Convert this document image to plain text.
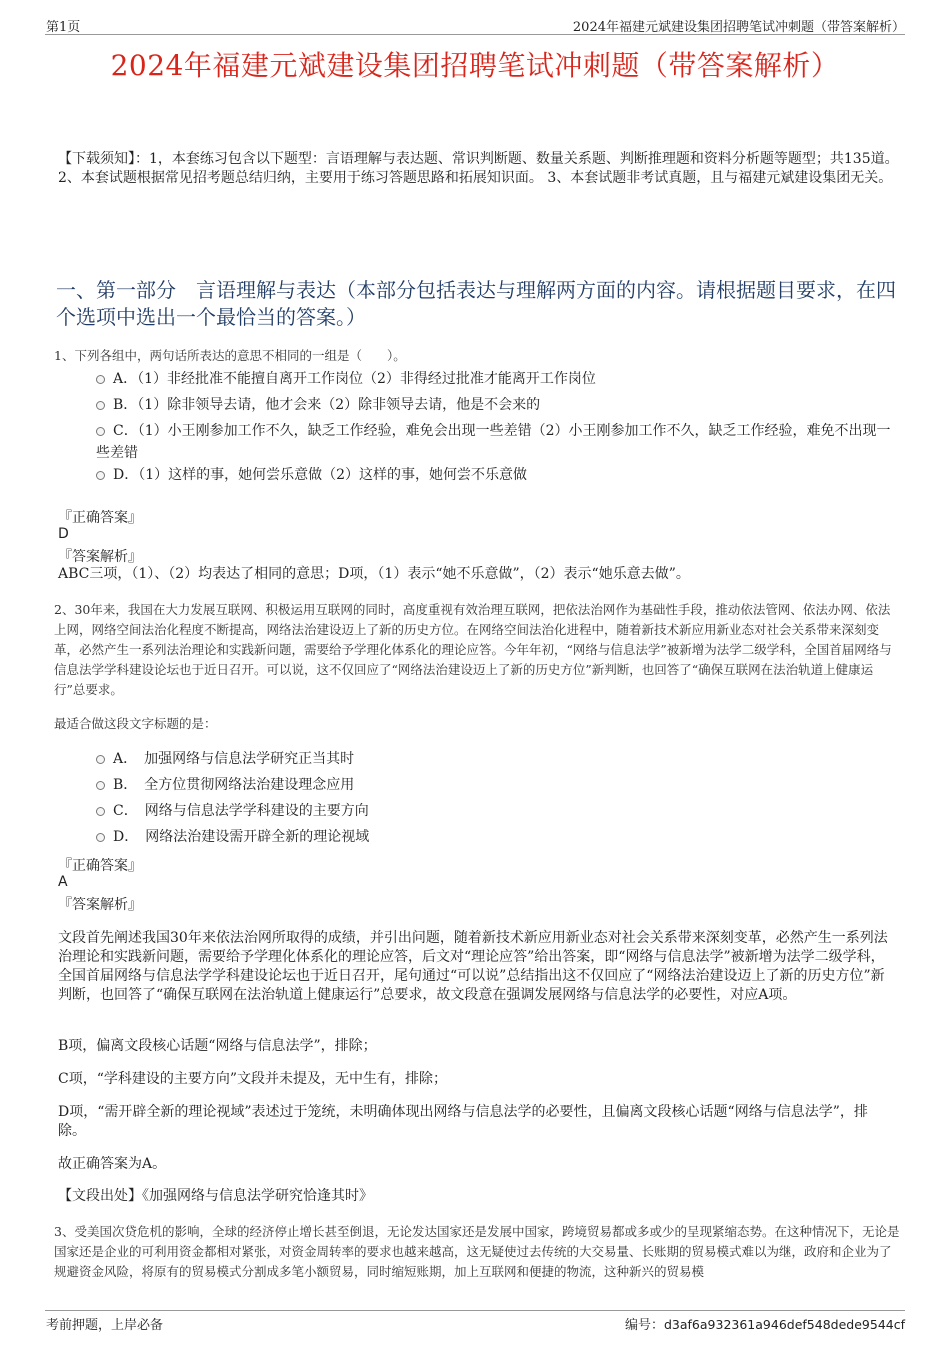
第1页	2024年福建元斌建设集团招聘笔试冲刺题（带答案解析）
2024年福建元斌建设集团招聘笔试冲刺题（带答案解析）
【下载须知】：1，本套练习包含以下题型：言语理解与表达题、常识判断题、数量关系题、判断推理题和资料分析题等题型；共135道。 2、本套试题根据常见招考题总结归纳，主要用于练习答题思路和拓展知识面。 3、本套试题非考试真题，且与福建元斌建设集团无关。
一、第一部分　言语理解与表达（本部分包括表达与理解两方面的内容。请根据题目要求，在四个选项中选出一个最恰当的答案。）
1、下列各组中，两句话所表达的意思不相同的一组是（　　）。
A．（1）非经批准不能擅自离开工作岗位（2）非得经过批准才能离开工作岗位
B．（1）除非领导去请，他才会来（2）除非领导去请，他是不会来的
C．（1）小王刚参加工作不久，缺乏工作经验，难免会出现一些差错（2）小王刚参加工作不久，缺乏工作经验，难免不出现一些差错
D．（1）这样的事，她何尝乐意做（2）这样的事，她何尝不乐意做
『正确答案』
D
『答案解析』
ABC三项，（1）、（2）均表达了相同的意思；D项，（1）表示“她不乐意做”，（2）表示“她乐意去做”。
2、30年来，我国在大力发展互联网、积极运用互联网的同时，高度重视有效治理互联网，把依法治网作为基础性手段，推动依法管网、依法办网、依法上网，网络空间法治化程度不断提高，网络法治建设迈上了新的历史方位。在网络空间法治化进程中，随着新技术新应用新业态对社会关系带来深刻变革，必然产生一系列法治理论和实践新问题，需要给予学理化体系化的理论应答。今年年初，“网络与信息法学”被新增为法学二级学科，全国首届网络与信息法学学科建设论坛也于近日召开。可以说，这不仅回应了“网络法治建设迈上了新的历史方位”新判断，也回答了“确保互联网在法治轨道上健康运行”总要求。
最适合做这段文字标题的是：
A．　加强网络与信息法学研究正当其时
B．　全方位贯彻网络法治建设理念应用
C．　网络与信息法学学科建设的主要方向
D．　网络法治建设需开辟全新的理论视域
『正确答案』
A
『答案解析』
文段首先阐述我国30年来依法治网所取得的成绩，并引出问题，随着新技术新应用新业态对社会关系带来深刻变革，必然产生一系列法治理论和实践新问题，需要给予学理化体系化的理论应答，后文对“理论应答”给出答案，即“网络与信息法学”被新增为法学二级学科，全国首届网络与信息法学学科建设论坛也于近日召开，尾句通过“可以说”总结指出这不仅回应了“网络法治建设迈上了新的历史方位”新判断，也回答了“确保互联网在法治轨道上健康运行”总要求，故文段意在强调发展网络与信息法学的必要性，对应A项。
B项，偏离文段核心话题“网络与信息法学”，排除；
C项，“学科建设的主要方向”文段并未提及，无中生有，排除；
D项，“需开辟全新的理论视域”表述过于笼统，未明确体现出网络与信息法学的必要性，且偏离文段核心话题“网络与信息法学”，排除。
故正确答案为A。
【文段出处】《加强网络与信息法学研究恰逢其时》
3、受美国次贷危机的影响，全球的经济停止增长甚至倒退，无论发达国家还是发展中国家，跨境贸易都或多或少的呈现紧缩态势。在这种情况下，无论是国家还是企业的可利用资金都相对紧张，对资金周转率的要求也越来越高，这无疑使过去传统的大交易量、长账期的贸易模式难以为继，政府和企业为了规避资金风险，将原有的贸易模式分割成多笔小额贸易，同时缩短账期，加上互联网和便捷的物流，这种新兴的贸易模
考前押题，上岸必备	编号：d3af6a932361a946def548dede9544cf
